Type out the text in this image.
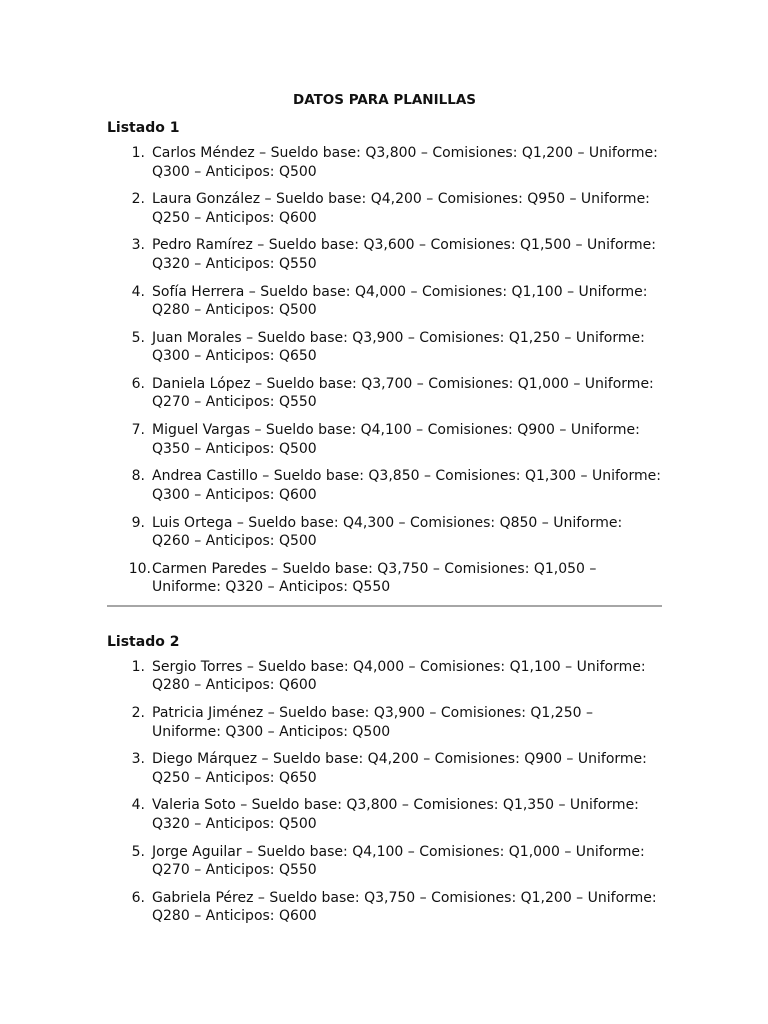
DATOS PARA PLANILLAS
Listado 1
1. Carlos Méndez – Sueldo base: Q3,800 – Comisiones: Q1,200 – Uniforme: Q300 – Anticipos: Q500
2. Laura González – Sueldo base: Q4,200 – Comisiones: Q950 – Uniforme: Q250 – Anticipos: Q600
3. Pedro Ramírez – Sueldo base: Q3,600 – Comisiones: Q1,500 – Uniforme: Q320 – Anticipos: Q550
4. Sofía Herrera – Sueldo base: Q4,000 – Comisiones: Q1,100 – Uniforme: Q280 – Anticipos: Q500
5. Juan Morales – Sueldo base: Q3,900 – Comisiones: Q1,250 – Uniforme: Q300 – Anticipos: Q650
6. Daniela López – Sueldo base: Q3,700 – Comisiones: Q1,000 – Uniforme: Q270 – Anticipos: Q550
7. Miguel Vargas – Sueldo base: Q4,100 – Comisiones: Q900 – Uniforme: Q350 – Anticipos: Q500
8. Andrea Castillo – Sueldo base: Q3,850 – Comisiones: Q1,300 – Uniforme: Q300 – Anticipos: Q600
9. Luis Ortega – Sueldo base: Q4,300 – Comisiones: Q850 – Uniforme: Q260 – Anticipos: Q500
10. Carmen Paredes – Sueldo base: Q3,750 – Comisiones: Q1,050 – Uniforme: Q320 – Anticipos: Q550
Listado 2
1. Sergio Torres – Sueldo base: Q4,000 – Comisiones: Q1,100 – Uniforme: Q280 – Anticipos: Q600
2. Patricia Jiménez – Sueldo base: Q3,900 – Comisiones: Q1,250 – Uniforme: Q300 – Anticipos: Q500
3. Diego Márquez – Sueldo base: Q4,200 – Comisiones: Q900 – Uniforme: Q250 – Anticipos: Q650
4. Valeria Soto – Sueldo base: Q3,800 – Comisiones: Q1,350 – Uniforme: Q320 – Anticipos: Q500
5. Jorge Aguilar – Sueldo base: Q4,100 – Comisiones: Q1,000 – Uniforme: Q270 – Anticipos: Q550
6. Gabriela Pérez – Sueldo base: Q3,750 – Comisiones: Q1,200 – Uniforme: Q280 – Anticipos: Q600
